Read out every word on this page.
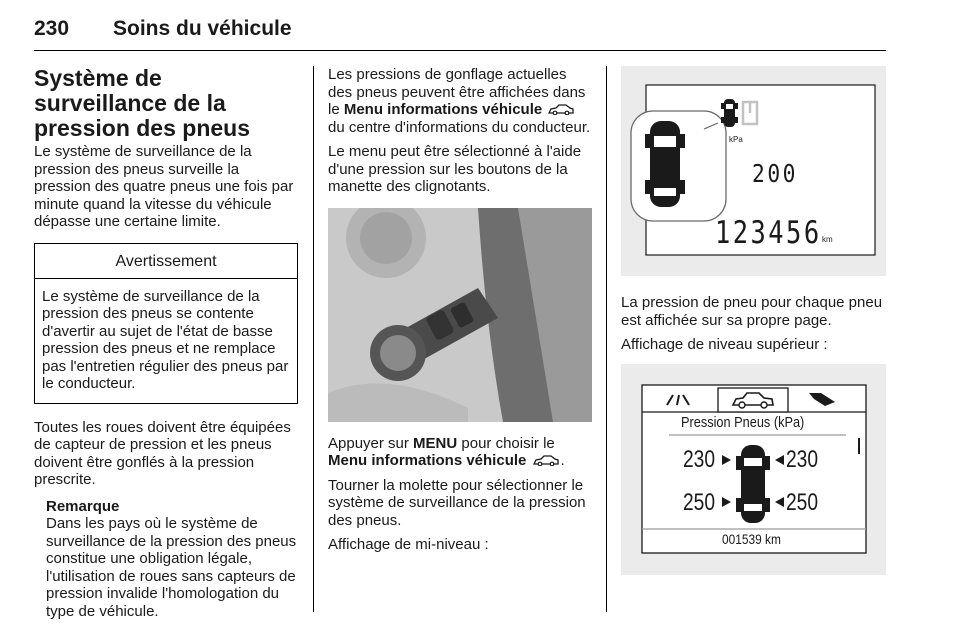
230 Soins du véhicule
Système de surveillance de la pression des pneus

Le système de surveillance de la pression des pneus surveille la pression des quatre pneus une fois par minute quand la vitesse du véhicule dépasse une certaine limite.

Avertissement
Le système de surveillance de la pression des pneus se contente d'avertir au sujet de l'état de basse pression des pneus et ne remplace pas l'entretien régulier des pneus par le conducteur.

Toutes les roues doivent être équipées de capteur de pression et les pneus doivent être gonflés à la pression prescrite.

Remarque

Dans les pays où le système de surveillance de la pression des pneus constitue une obligation légale, l'utilisation de roues sans capteurs de pression invalide l'homologation du type de véhicule.

Les pressions de gonflage actuelles des pneus peuvent être affichées dans le Menu informations véhicule  du centre d'informations du conducteur.

Le menu peut être sélectionné à l'aide d'une pression sur les boutons de la manette des clignotants.

Appuyer sur MENU pour choisir le Menu informations véhicule .

Tourner la molette pour sélectionner le système de surveillance de la pression des pneus.

Affichage de mi-niveau :

kPa
200
123456 km

La pression de pneu pour chaque pneu est affichée sur sa propre page.

Affichage de niveau supérieur :

Pression Pneus (kPa)
230	230
250	250
001539 km
